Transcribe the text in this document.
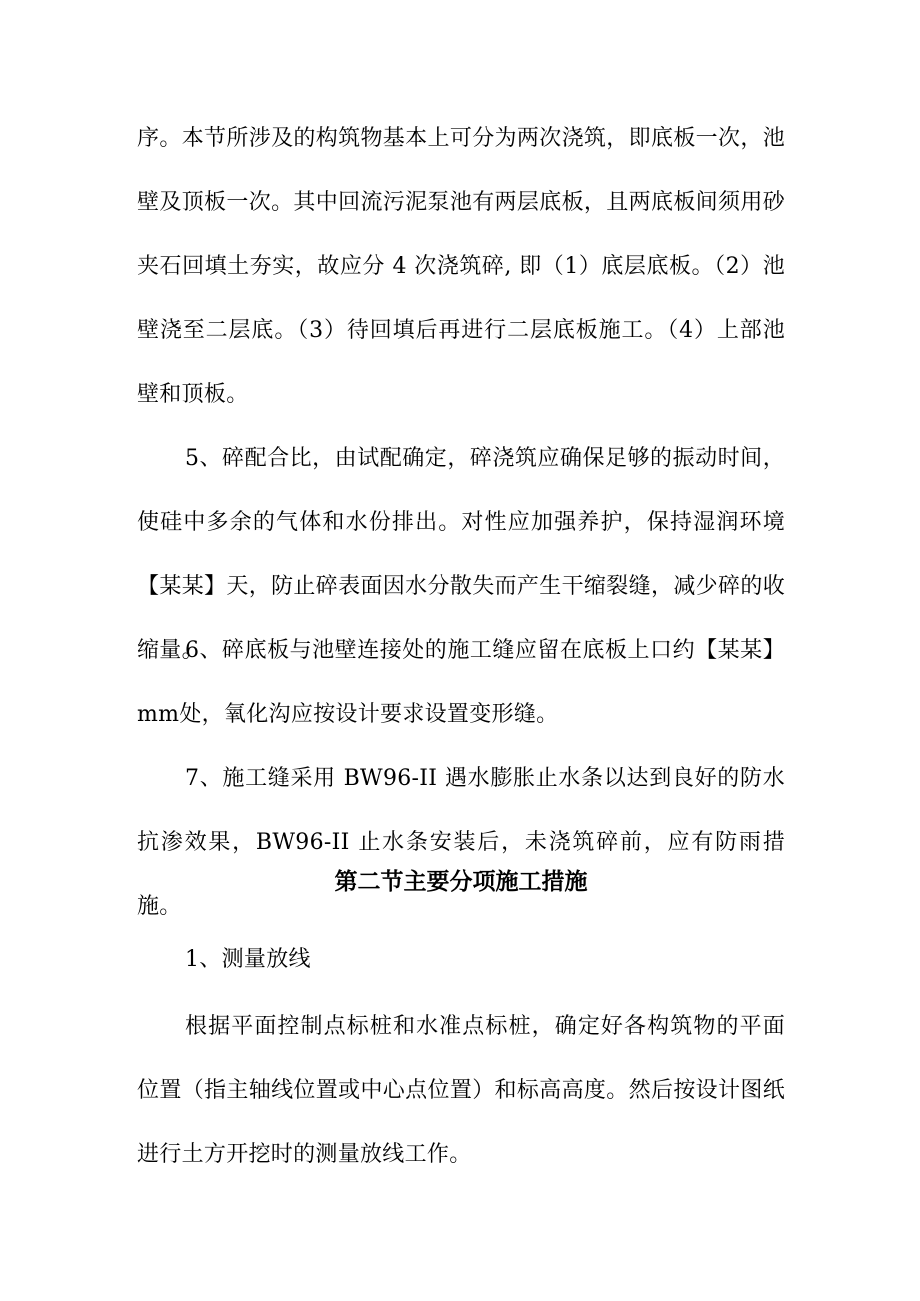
序。本节所涉及的构筑物基本上可分为两次浇筑，即底板一次，池壁及顶板一次。其中回流污泥泵池有两层底板，且两底板间须用砂夹石回填土夯实，故应分 4 次浇筑碎, 即（1）底层底板。（2）池壁浇至二层底。（3）待回填后再进行二层底板施工。（4）上部池壁和顶板。

5、碎配合比，由试配确定，碎浇筑应确保足够的振动时间，使硅中多余的气体和水份排出。对性应加强养护，保持湿润环境【某某】天，防止碎表面因水分散失而产生干缩裂缝，减少碎的收缩量。

6、碎底板与池壁连接处的施工缝应留在底板上口约【某某】mm处，氧化沟应按设计要求设置变形缝。

7、施工缝采用 BW96-II 遇水膨胀止水条以达到良好的防水抗渗效果，BW96-II 止水条安装后，未浇筑碎前，应有防雨措施。

第二节主要分项施工措施

1、测量放线

根据平面控制点标桩和水准点标桩，确定好各构筑物的平面位置（指主轴线位置或中心点位置）和标高高度。然后按设计图纸进行土方开挖时的测量放线工作。
